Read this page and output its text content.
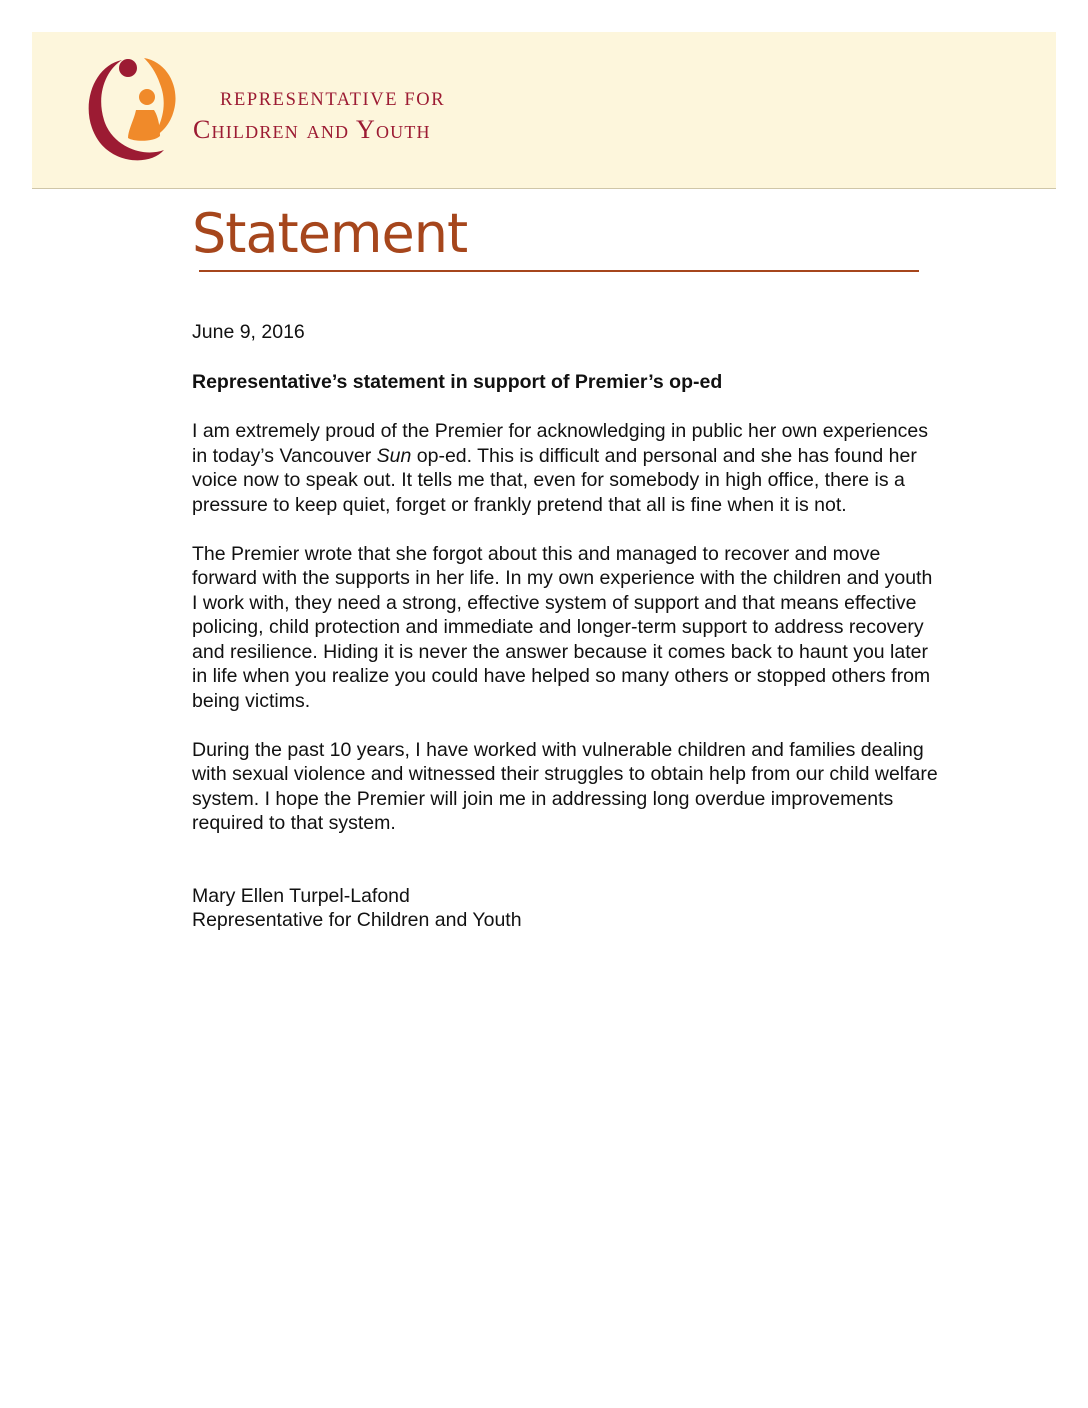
REPRESENTATIVE FOR
Children and Youth
Statement

June 9, 2016

Representative’s statement in support of Premier’s op-ed

I am extremely proud of the Premier for acknowledging in public her own experiences in today’s Vancouver Sun op-ed. This is difficult and personal and she has found her voice now to speak out. It tells me that, even for somebody in high office, there is a pressure to keep quiet, forget or frankly pretend that all is fine when it is not.

The Premier wrote that she forgot about this and managed to recover and move forward with the supports in her life. In my own experience with the children and youth I work with, they need a strong, effective system of support and that means effective policing, child protection and immediate and longer-term support to address recovery and resilience. Hiding it is never the answer because it comes back to haunt you later in life when you realize you could have helped so many others or stopped others from being victims.

During the past 10 years, I have worked with vulnerable children and families dealing with sexual violence and witnessed their struggles to obtain help from our child welfare system. I hope the Premier will join me in addressing long overdue improvements required to that system.

Mary Ellen Turpel-Lafond

Representative for Children and Youth
